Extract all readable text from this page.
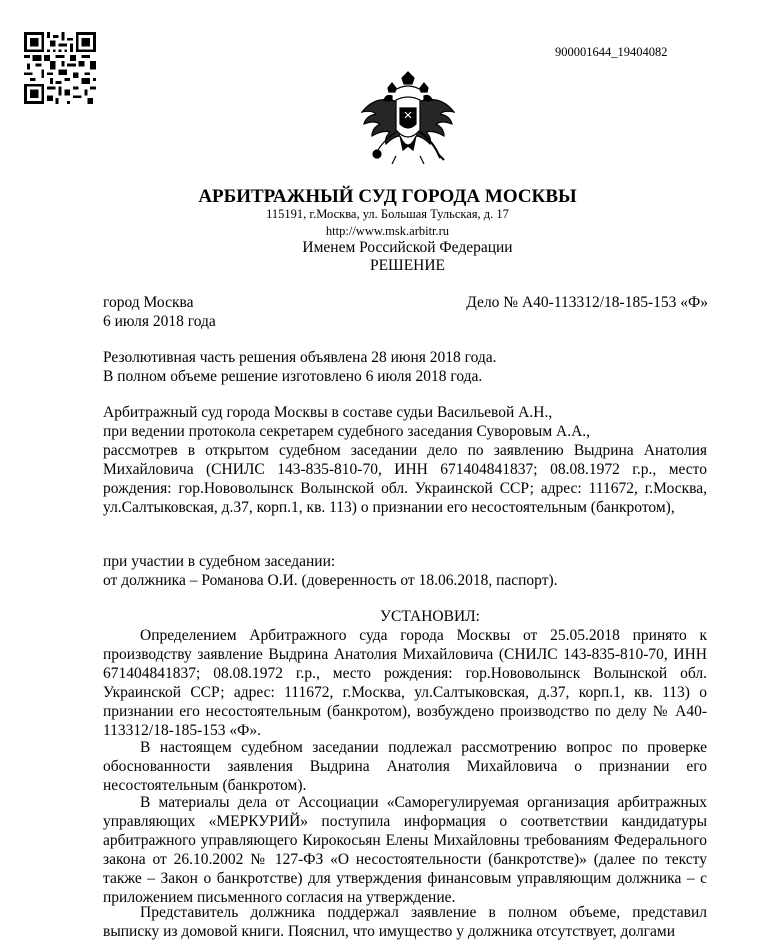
900001644_19404082
АРБИТРАЖНЫЙ СУД ГОРОДА МОСКВЫ
115191, г.Москва, ул. Большая Тульская, д. 17
http://www.msk.arbitr.ru
Именем Российской Федерации
РЕШЕНИЕ
город Москва	Дело № А40-113312/18-185-153 «Ф»
6 июля 2018 года
Резолютивная часть решения объявлена 28 июня 2018 года.
В полном объеме решение изготовлено 6 июля 2018 года.
Арбитражный суд города Москвы в составе судьи Васильевой А.Н.,
при ведении протокола секретарем судебного заседания Суворовым А.А.,
рассмотрев в открытом судебном заседании дело по заявлению Выдрина Анатолия Михайловича (СНИЛС 143-835-810-70, ИНН 671404841837; 08.08.1972 г.р., место рождения: гор.Нововолынск Волынской обл. Украинской ССР; адрес: 111672, г.Москва, ул.Салтыковская, д.37, корп.1, кв. 113) о признании его несостоятельным (банкротом),
при участии в судебном заседании:
от должника – Романова О.И. (доверенность от 18.06.2018, паспорт).
УСТАНОВИЛ:
Определением Арбитражного суда города Москвы от 25.05.2018 принято к производству заявление Выдрина Анатолия Михайловича (СНИЛС 143-835-810-70, ИНН 671404841837; 08.08.1972 г.р., место рождения: гор.Нововолынск Волынской обл. Украинской ССР; адрес: 111672, г.Москва, ул.Салтыковская, д.37, корп.1, кв. 113) о признании его несостоятельным (банкротом), возбуждено производство по делу № А40-113312/18-185-153 «Ф».
В настоящем судебном заседании подлежал рассмотрению вопрос по проверке обоснованности заявления Выдрина Анатолия Михайловича о признании его несостоятельным (банкротом).
В материалы дела от Ассоциации «Саморегулируемая организация арбитражных управляющих «МЕРКУРИЙ» поступила информация о соответствии кандидатуры арбитражного управляющего Кирокосьян Елены Михайловны требованиям Федерального закона от 26.10.2002 № 127-ФЗ «О несостоятельности (банкротстве)» (далее по тексту также – Закон о банкротстве) для утверждения финансовым управляющим должника – с приложением письменного согласия на утверждение.
Представитель должника поддержал заявление в полном объеме, представил выписку из домовой книги. Пояснил, что имущество у должника отсутствует, долгами
